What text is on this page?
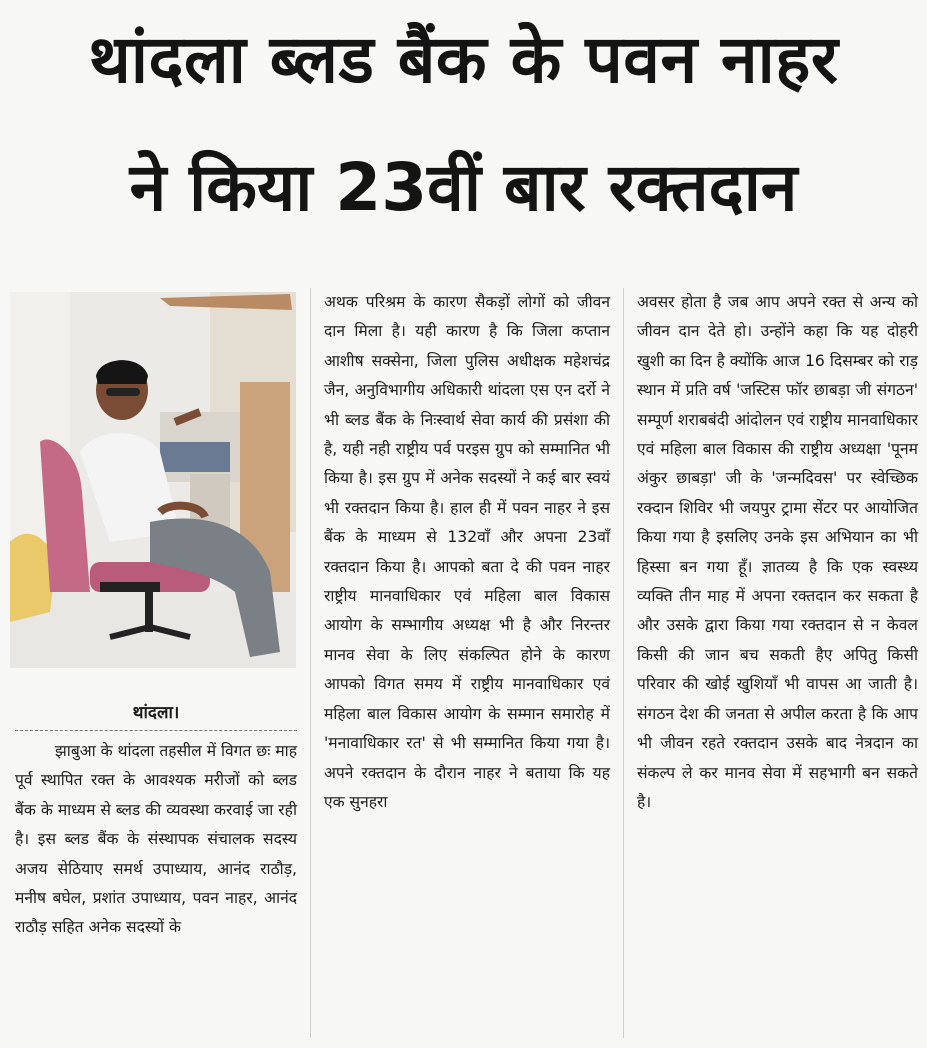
थांदला ब्लड बैंक के पवन नाहर
ने किया 23वीं बार रक्तदान
थांदला।
झाबुआ के थांदला तहसील में विगत छः माह पूर्व स्थापित रक्त के आवश्यक मरीजों को ब्लड बैंक के माध्यम से ब्लड की व्यवस्था करवाई जा रही है। इस ब्लड बैंक के संस्थापक संचालक सदस्य अजय सेठियाए समर्थ उपाध्याय, आनंद राठौड़, मनीष बघेल, प्रशांत उपाध्याय, पवन नाहर, आनंद राठौड़ सहित अनेक सदस्यों के
अथक परिश्रम के कारण सैकड़ों लोगों को जीवन दान मिला है। यही कारण है कि जिला कप्तान आशीष सक्सेना, जिला पुलिस अधीक्षक महेशचंद्र जैन, अनुविभागीय अधिकारी थांदला एस एन दर्रो ने भी ब्लड बैंक के निःस्वार्थ सेवा कार्य की प्रसंशा की है, यही नही राष्ट्रीय पर्व परइस ग्रुप को सम्मानित भी किया है। इस ग्रुप में अनेक सदस्यों ने कई बार स्वयं भी रक्तदान किया है। हाल ही में पवन नाहर ने इस बैंक के माध्यम से 132वाँ और अपना 23वाँ रक्तदान किया है। आपको बता दे की पवन नाहर राष्ट्रीय मानवाधिकार एवं महिला बाल विकास आयोग के सम्भागीय अध्यक्ष भी है और निरन्तर मानव सेवा के लिए संकल्पित होने के कारण आपको विगत समय में राष्ट्रीय मानवाधिकार एवं महिला बाल विकास आयोग के सम्मान समारोह में 'मनावाधिकार रत' से भी सम्मानित किया गया है। अपने रक्तदान के दौरान नाहर ने बताया कि यह एक सुनहरा
अवसर होता है जब आप अपने रक्त से अन्य को जीवन दान देते हो। उन्होंने कहा कि यह दोहरी खुशी का दिन है क्योंकि आज 16 दिसम्बर को राड़ स्थान में प्रति वर्ष 'जस्टिस फॉर छाबड़ा जी संगठन' सम्पूर्ण शराबबंदी आंदोलन एवं राष्ट्रीय मानवाधिकार एवं महिला बाल विकास की राष्ट्रीय अध्यक्षा 'पूनम अंकुर छाबड़ा' जी के 'जन्मदिवस' पर स्वेच्छिक रक्दान शिविर भी जयपुर ट्रामा सेंटर पर आयोजित किया गया है इसलिए उनके इस अभियान का भी हिस्सा बन गया हूँ। ज्ञातव्य है कि एक स्वस्थ्य व्यक्ति तीन माह में अपना रक्तदान कर सकता है और उसके द्वारा किया गया रक्तदान से न केवल किसी की जान बच सकती हैए अपितु किसी परिवार की खोई खुशियाँ भी वापस आ जाती है। संगठन देश की जनता से अपील करता है कि आप भी जीवन रहते रक्तदान उसके बाद नेत्रदान का संकल्प ले कर मानव सेवा में सहभागी बन सकते है।
